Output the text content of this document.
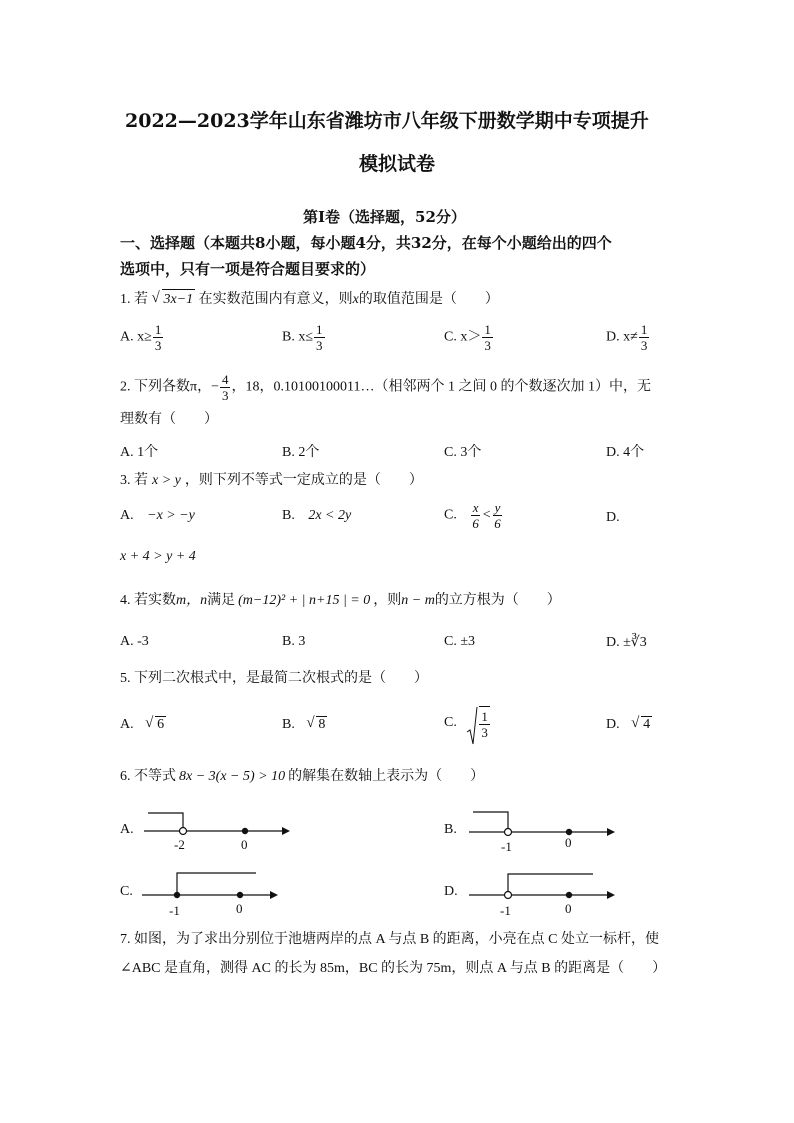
2022—2023学年山东省潍坊市八年级下册数学期中专项提升
模拟试卷
第Ⅰ卷（选择题，52分）
一、选择题（本题共8小题，每小题4分，共32分，在每个小题给出的四个
选项中，只有一项是符合题目要求的）
1. 若 √ 3x−1 在实数范围内有意义，则x的取值范围是（　　）
A. $x\ge \frac{1}{3}$	B. $x\le \frac{1}{3}$	C. $x> \frac{1}{3}$	D. $x\ne \frac{1}{3}$
2. 下列各数π，− $\frac{4}{3}$ ，18，0.10100100011…（相邻两个 1 之间 0 的个数逐次加 1）中，无
理数有（　　）
A. 1个	B. 2个	C. 3个	D. 4个
3. 若 x > y ，则下列不等式一定成立的是（　　）
A. −x > −y	B. 2x < 2y	C. $\frac{x}{6} < \frac{y}{6}$	D.
x + 4 > y + 4
4. 若实数m，n满足 (m−12)² + | n+15 | = 0 ，则n − m的立方根为（　　）
A. -3	B. 3	C. ±3	D. ±∛3
5. 下列二次根式中，是最简二次根式的是（　　）
A. √ 6	B. √ 8	C. $\frac{1}{3}$	D. √ 4
6. 不等式 8x − 3(x − 5) > 10 的解集在数轴上表示为（　　）
A.
-2	0
B.
-1	0
C.
-1	0
D.
-1	0
7. 如图，为了求出分别位于池塘两岸的点 A 与点 B 的距离，小亮在点 C 处立一标杆，使
∠ABC 是直角，测得 AC 的长为 85m，BC 的长为 75m，则点 A 与点 B 的距离是（　　）
